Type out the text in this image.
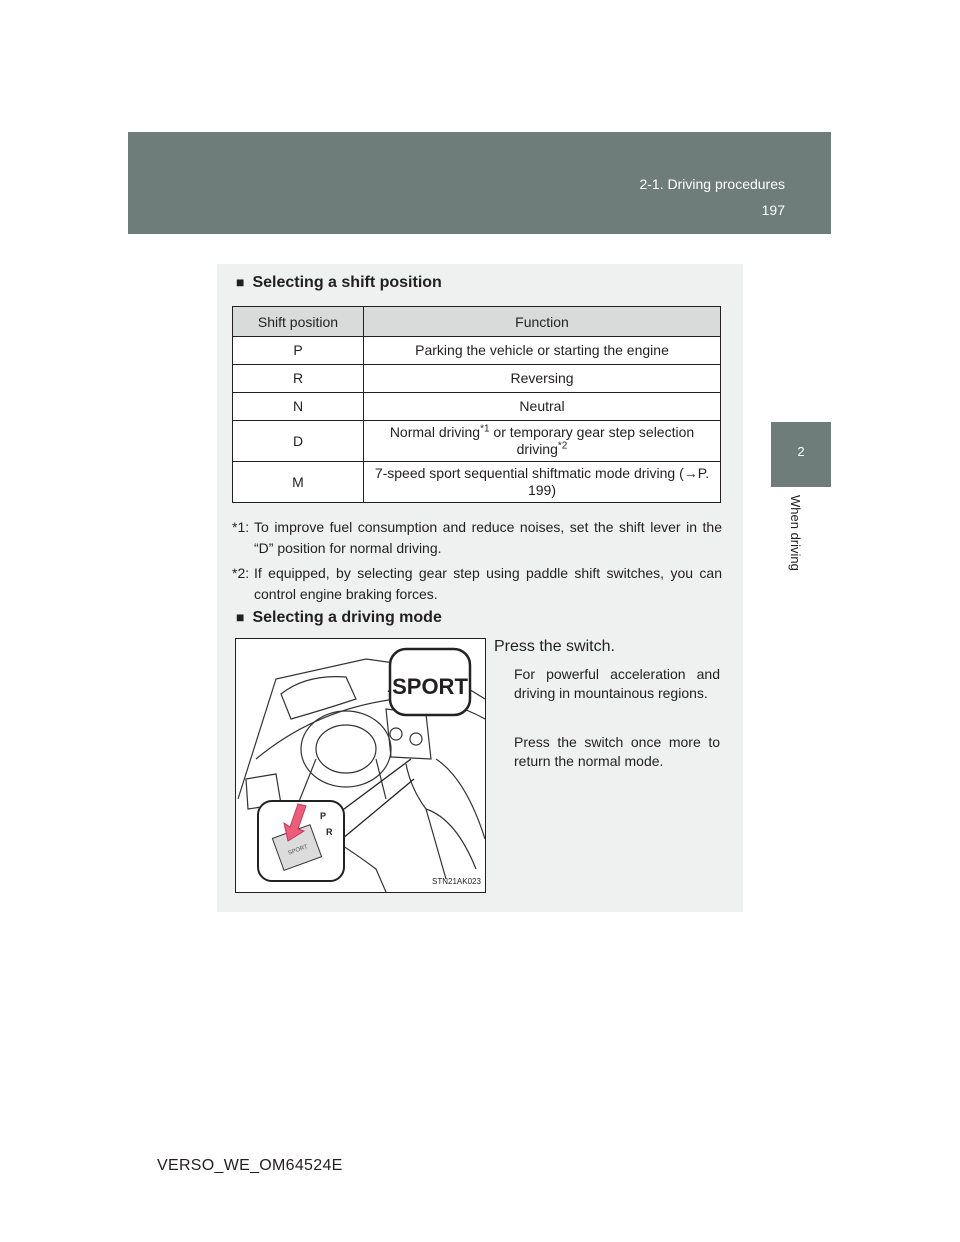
2-1. Driving procedures
197
2
When driving
■ Selecting a shift position
Shift position	Function
P	Parking the vehicle or starting the engine
R	Reversing
N	Neutral
D	Normal driving$^{*1}$ or temporary gear step selection driving$^{*2}$
M	7-speed sport sequential shiftmatic mode driving (→P. 199)
*1: To improve fuel consumption and reduce noises, set the shift lever in the “D” position for normal driving.
*2: If equipped, by selecting gear step using paddle shift switches, you can control engine braking forces.
■ Selecting a driving mode
SPORT
SPORT
P
R
STN21AK023
Press the switch.
For powerful acceleration and driving in mountainous regions.
Press the switch once more to return the normal mode.
VERSO_WE_OM64524E
